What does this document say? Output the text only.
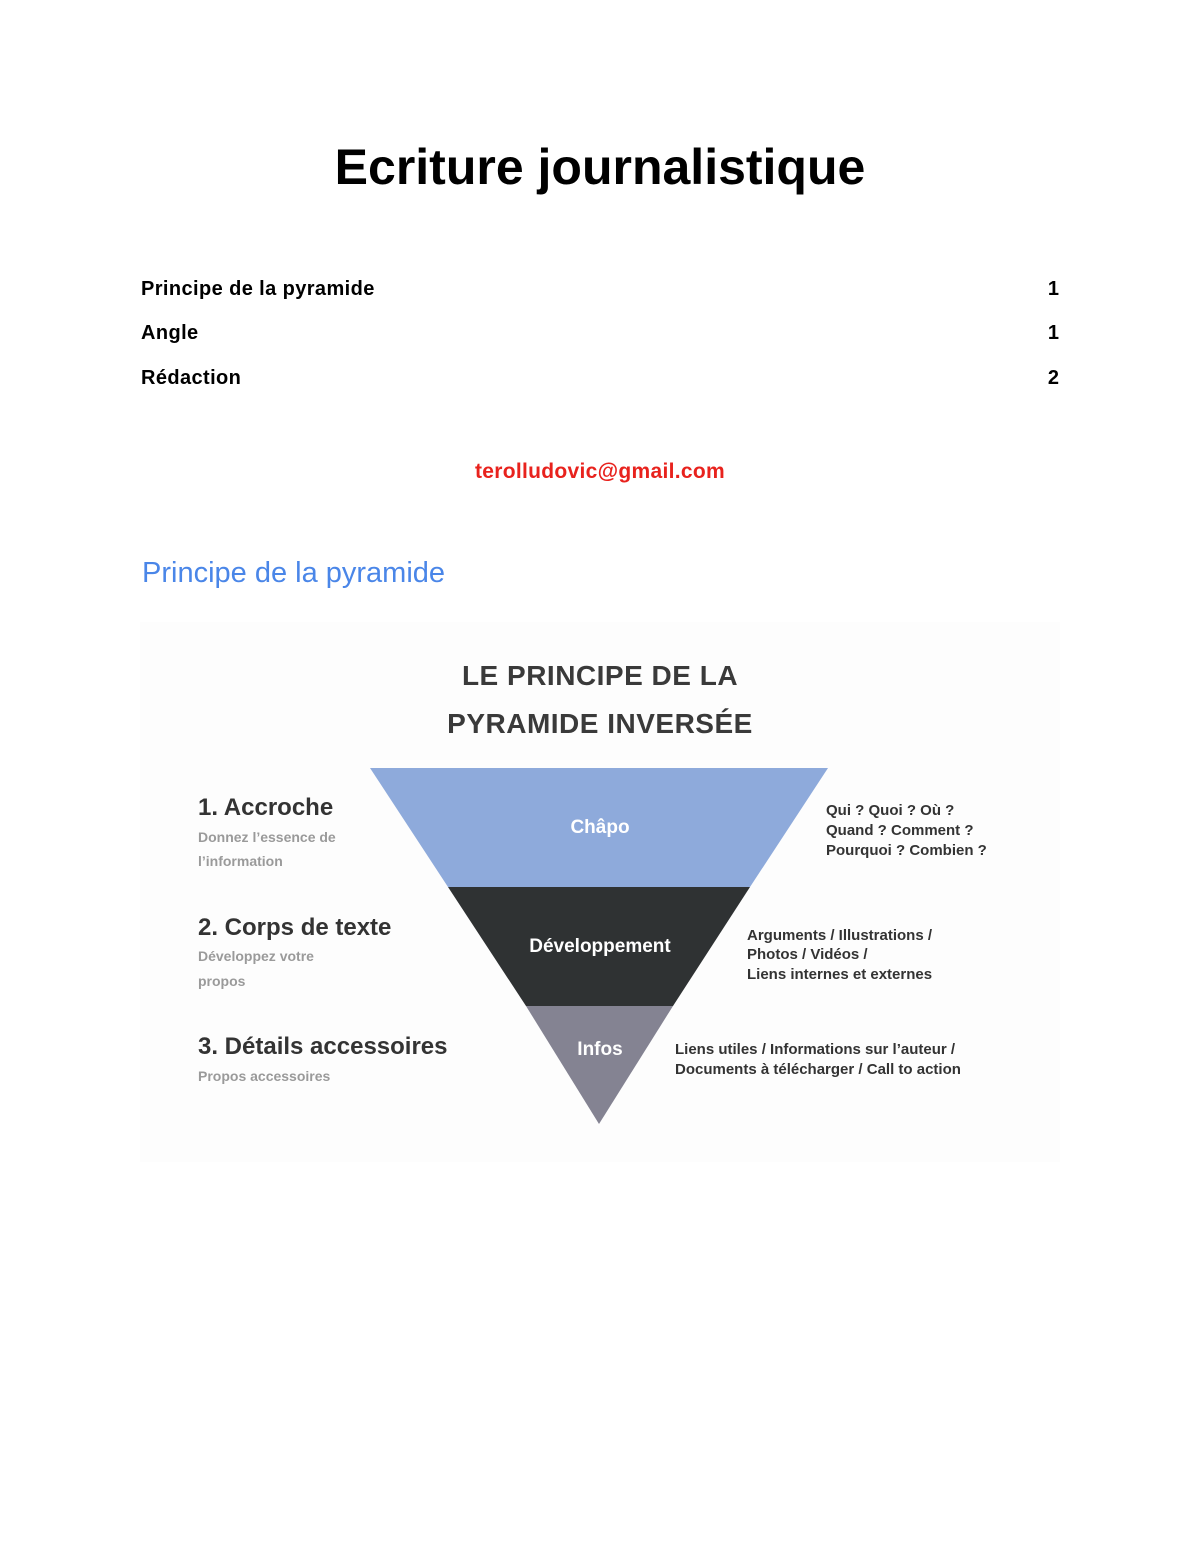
Ecriture journalistique
Principe de la pyramide	1
Angle	1
Rédaction	2
terolludovic@gmail.com
Principe de la pyramide
LE PRINCIPE DE LA
PYRAMIDE INVERSÉE
Châpo
Développement
Infos
1. Accroche
Donnez l’essence de
l’information
Qui ? Quoi ? Où ?
Quand ? Comment ?
Pourquoi ? Combien ?
2. Corps de texte
Développez votre
propos
Arguments / Illustrations /
Photos / Vidéos /
Liens internes et externes
3. Détails accessoires
Propos accessoires
Liens utiles / Informations sur l’auteur /
Documents à télécharger / Call to action
